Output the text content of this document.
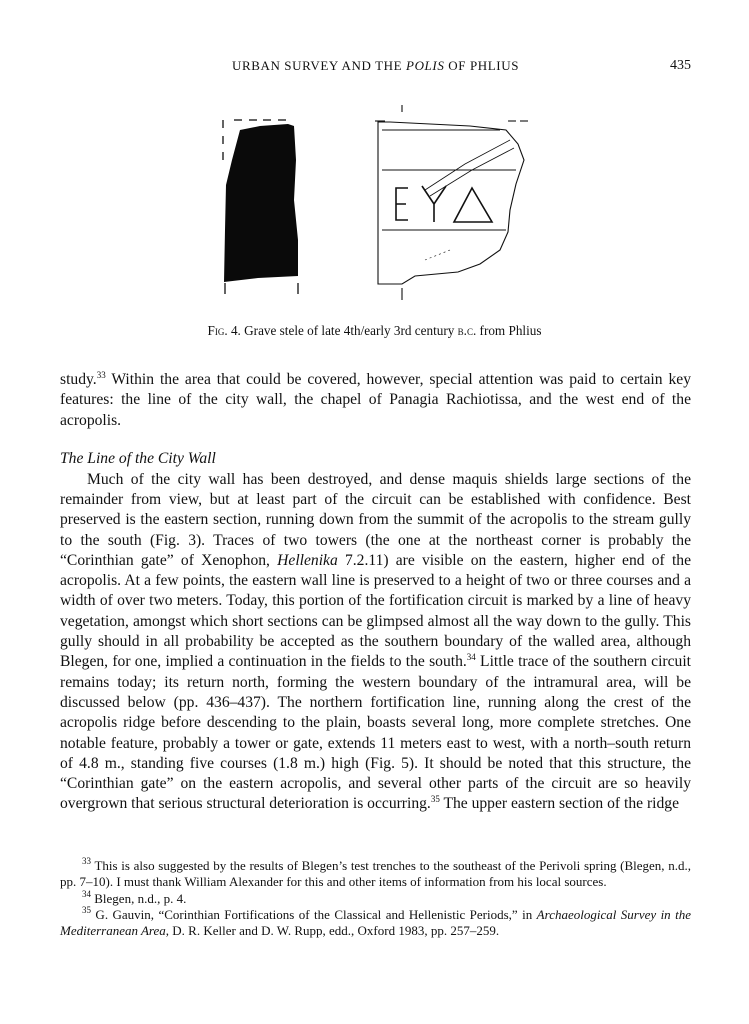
URBAN SURVEY AND THE POLIS OF PHLIUS	435
Fig. 4. Grave stele of late 4th/early 3rd century b.c. from Phlius

study.$^{33}$ Within the area that could be covered, however, special attention was paid to certain key features: the line of the city wall, the chapel of Panagia Rachiotissa, and the west end of the acropolis.

The Line of the City Wall

Much of the city wall has been destroyed, and dense maquis shields large sections of the remainder from view, but at least part of the circuit can be established with confidence. Best preserved is the eastern section, running down from the summit of the acropolis to the stream gully to the south (Fig. 3). Traces of two towers (the one at the northeast corner is probably the “Corinthian gate” of Xenophon, Hellenika 7.2.11) are visible on the eastern, higher end of the acropolis. At a few points, the eastern wall line is preserved to a height of two or three courses and a width of over two meters. Today, this portion of the fortification circuit is marked by a line of heavy vegetation, amongst which short sections can be glimpsed almost all the way down to the gully. This gully should in all probability be accepted as the southern boundary of the walled area, although Blegen, for one, implied a continuation in the fields to the south.$^{34}$ Little trace of the southern circuit remains today; its return north, forming the western boundary of the intramural area, will be discussed below (pp. 436–437). The northern fortification line, running along the crest of the acropolis ridge before descending to the plain, boasts several long, more complete stretches. One notable feature, probably a tower or gate, extends 11 meters east to west, with a north–south return of 4.8 m., standing five courses (1.8 m.) high (Fig. 5). It should be noted that this structure, the “Corinthian gate” on the eastern acropolis, and several other parts of the circuit are so heavily overgrown that serious structural deterioration is occurring.$^{35}$ The upper eastern section of the ridge

$^{33}$ This is also suggested by the results of Blegen’s test trenches to the southeast of the Perivoli spring (Blegen, n.d., pp. 7–10). I must thank William Alexander for this and other items of information from his local sources.

$^{34}$ Blegen, n.d., p. 4.

$^{35}$ G. Gauvin, “Corinthian Fortifications of the Classical and Hellenistic Periods,” in Archaeological Survey in the Mediterranean Area, D. R. Keller and D. W. Rupp, edd., Oxford 1983, pp. 257–259.
